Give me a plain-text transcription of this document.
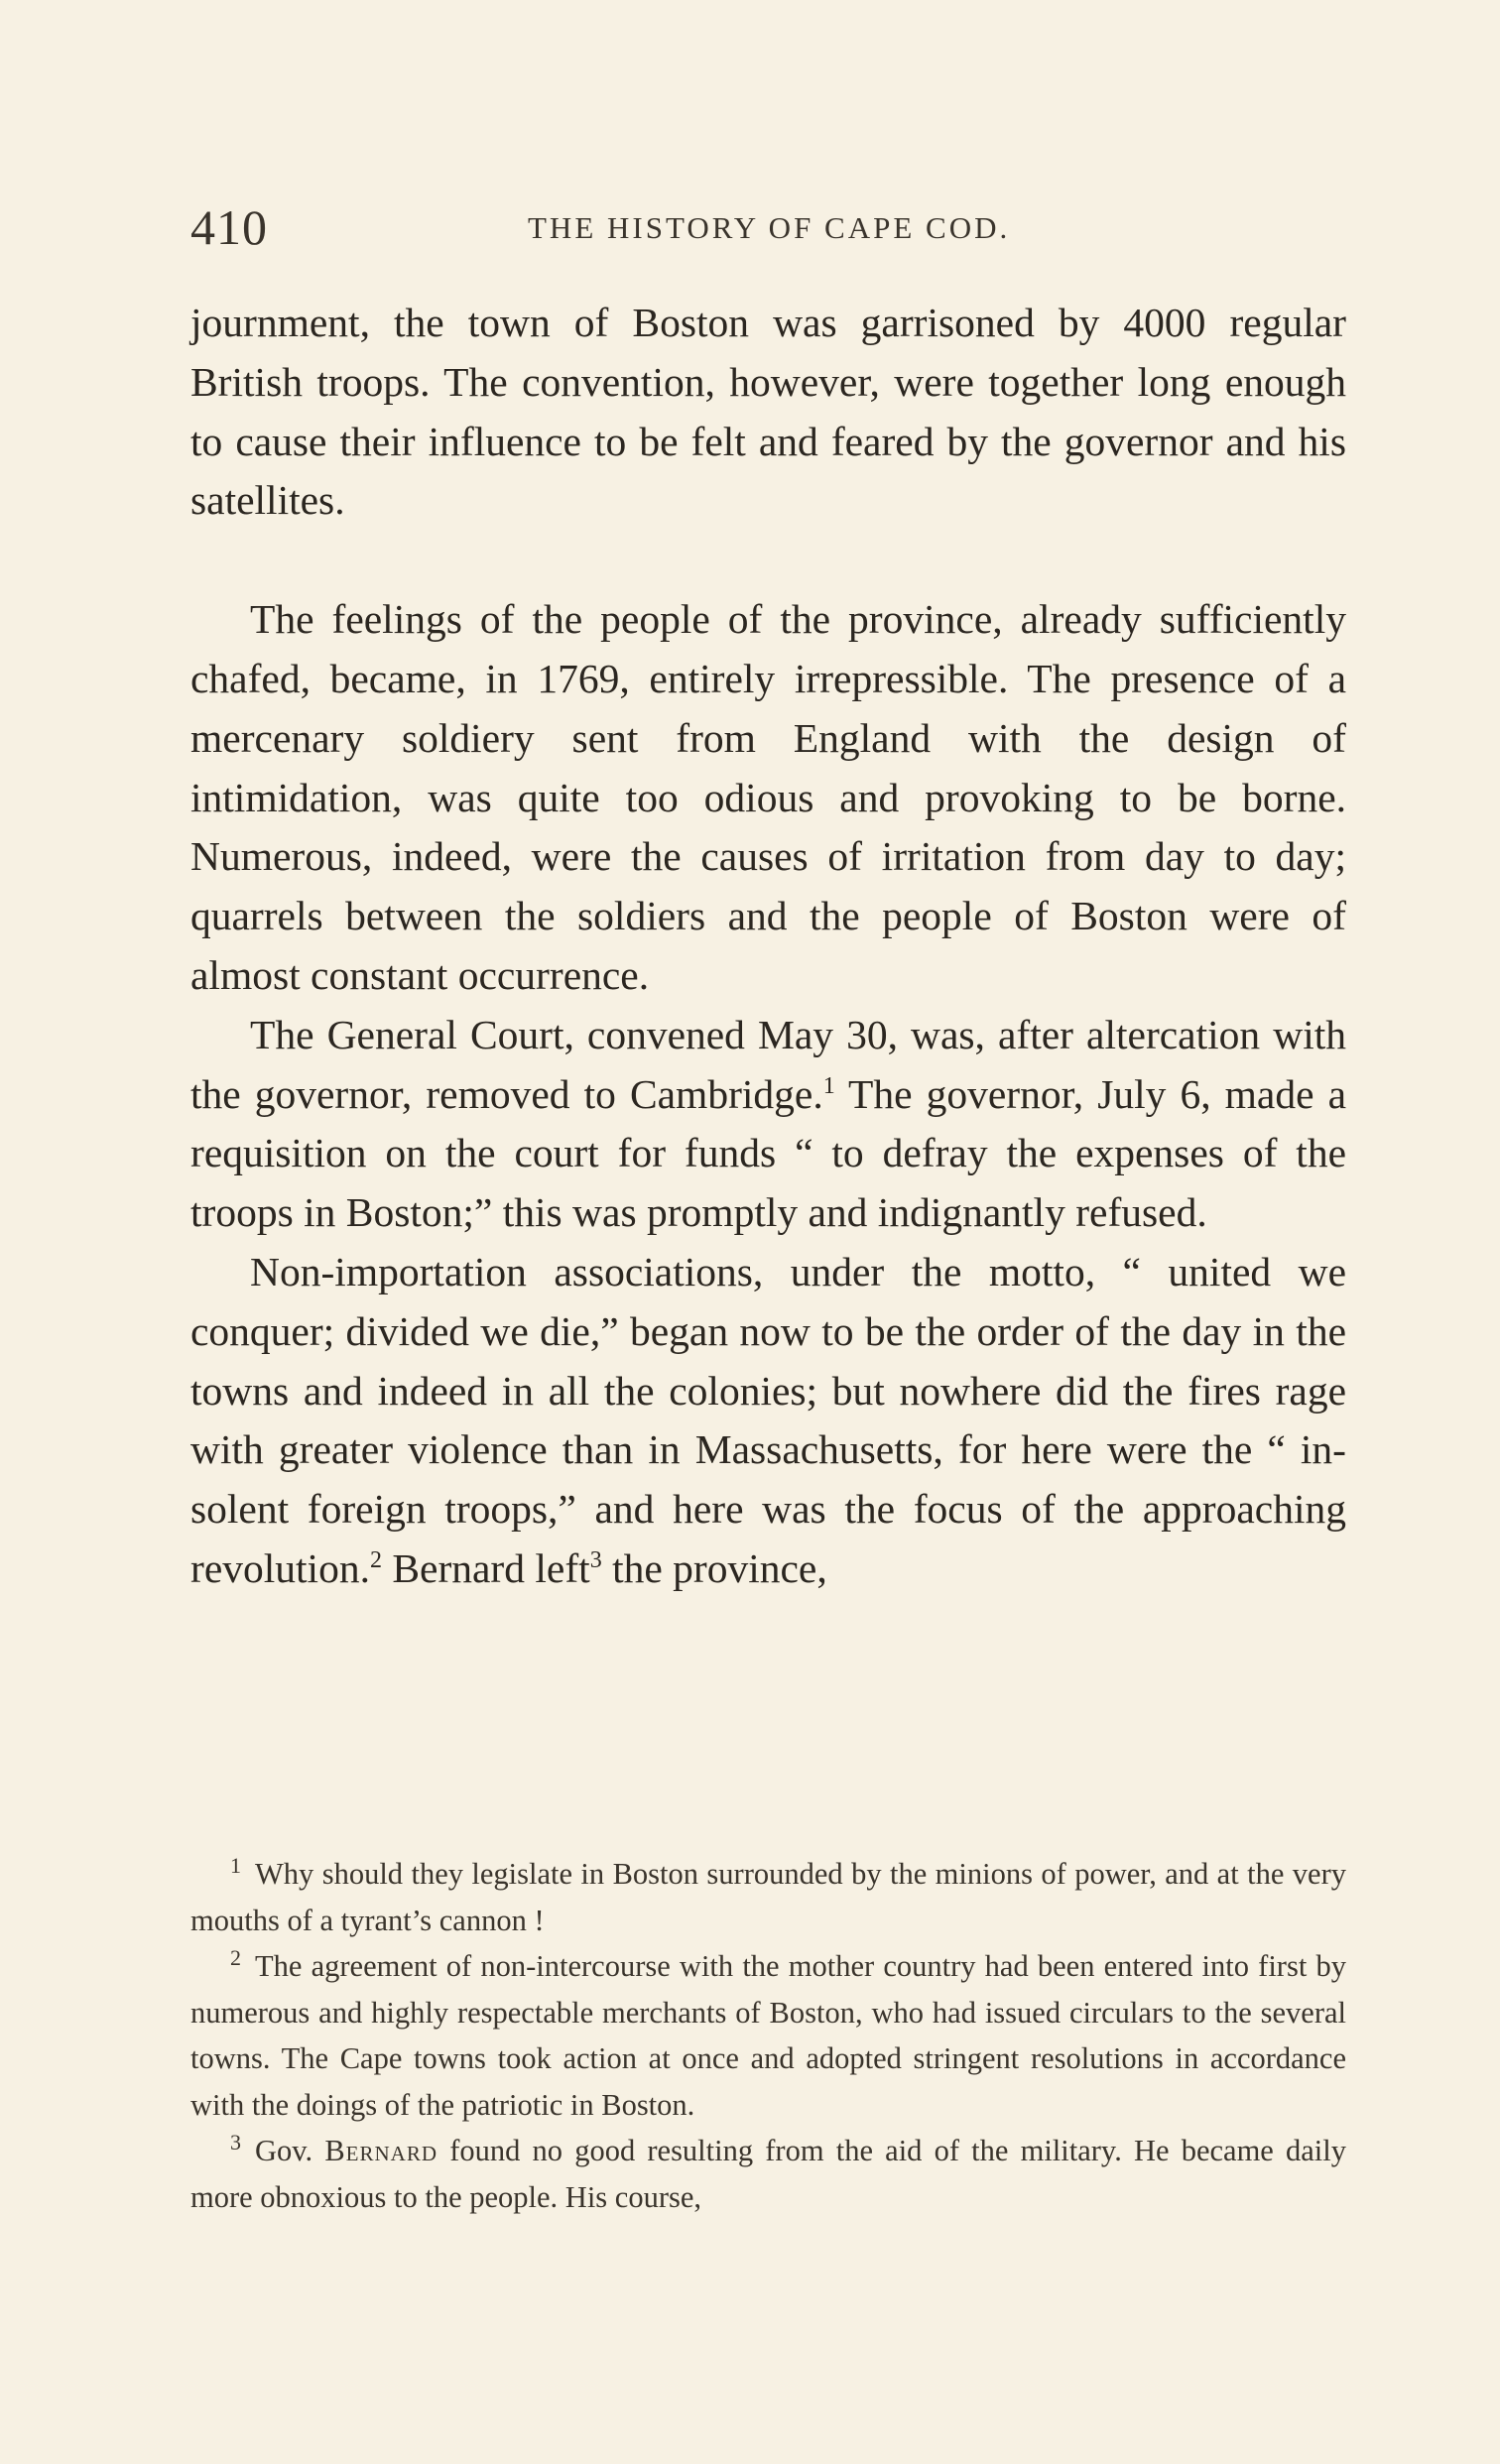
410	THE HISTORY OF CAPE COD.

journment, the town of Boston was garrisoned by 4000 regular British troops. The convention, however, were together long enough to cause their influence to be felt and feared by the governor and his satellites.

The feelings of the people of the province, already sufficiently chafed, became, in 1769, entirely irrepressible. The presence of a mercenary soldiery sent from England with the design of intimidation, was quite too odious and provoking to be borne. Numerous, indeed, were the causes of irritation from day to day; quarrels between the soldiers and the people of Boston were of almost constant occurrence.

The General Court, convened May 30, was, after altercation with the governor, removed to Cambridge.$^1$ The governor, July 6, made a requisition on the court for funds “ to defray the expenses of the troops in Boston;” this was promptly and indignantly refused.

Non-importation associations, under the motto, “ united we conquer; divided we die,” began now to be the order of the day in the towns and indeed in all the colonies; but nowhere did the fires rage with greater violence than in Massachusetts, for here were the “ insolent foreign troops,” and here was the focus of the approaching revolution.$^2$ Bernard left$^3$ the province,

$^1$ Why should they legislate in Boston surrounded by the minions of power, and at the very mouths of a tyrant’s cannon !

$^2$ The agreement of non-intercourse with the mother country had been entered into first by numerous and highly respectable merchants of Boston, who had issued circulars to the several towns. The Cape towns took action at once and adopted stringent resolutions in accordance with the doings of the patriotic in Boston.

$^3$ Gov. Bernard found no good resulting from the aid of the military. He became daily more obnoxious to the people. His course,
